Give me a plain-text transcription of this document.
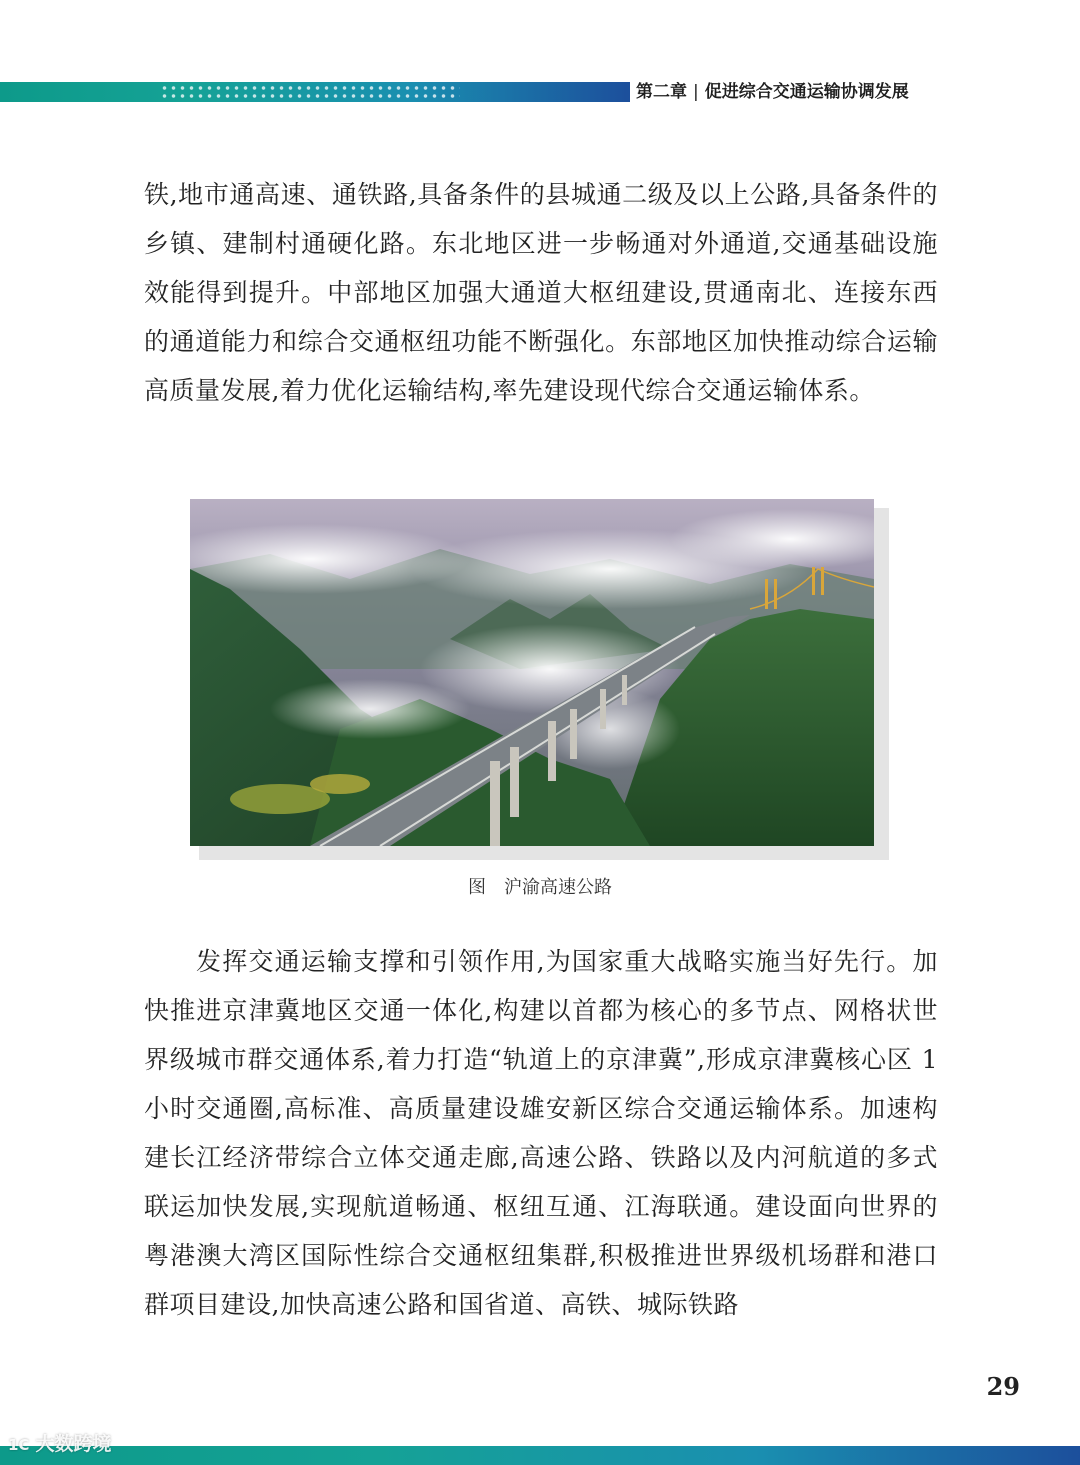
第二章 | 促进综合交通运输协调发展

铁,地市通高速、通铁路,具备条件的县城通二级及以上公路,具备条件的乡镇、建制村通硬化路。东北地区进一步畅通对外通道,交通基础设施效能得到提升。中部地区加强大通道大枢纽建设,贯通南北、连接东西的通道能力和综合交通枢纽功能不断强化。东部地区加快推动综合运输高质量发展,着力优化运输结构,率先建设现代综合交通运输体系。

图 沪渝高速公路

发挥交通运输支撑和引领作用,为国家重大战略实施当好先行。加快推进京津冀地区交通一体化,构建以首都为核心的多节点、网格状世界级城市群交通体系,着力打造“轨道上的京津冀”,形成京津冀核心区 1 小时交通圈,高标准、高质量建设雄安新区综合交通运输体系。加速构建长江经济带综合立体交通走廊,高速公路、铁路以及内河航道的多式联运加快发展,实现航道畅通、枢纽互通、江海联通。建设面向世界的粤港澳大湾区国际性综合交通枢纽集群,积极推进世界级机场群和港口群项目建设,加快高速公路和国省道、高铁、城际铁路

29
1C 大数跨境
